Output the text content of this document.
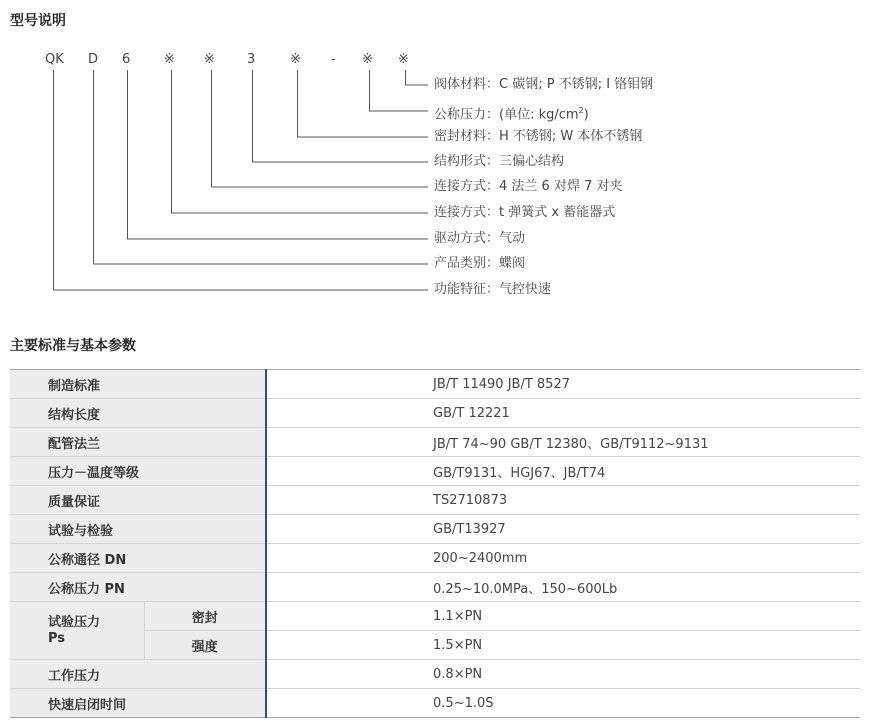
型号说明
QK D 6	※ ※ 3	※ - ※ ※
阀体材料：C 碳钢; P 不锈钢; I 铬钼钢
公称压力：(单位: $kg/cm^2$)
密封材料：H 不锈钢; W 本体不锈钢
结构形式：三偏心结构
连接方式：4 法兰 6 对焊 7 对夹
连接方式：t 弹簧式 x 蓄能器式
驱动方式：气动
产品类别：蝶阀
功能特征：气控快速
主要标准与基本参数
制造标准		JB/T 11490 JB/T 8527
结构长度		GB/T 12221
配管法兰		JB/T 74~90 GB/T 12380、GB/T9112~9131
压力－温度等级		GB/T9131、HGJ67、JB/T74
质量保证		TS2710873
试验与检验		GB/T13927
公称通径 DN		200~2400mm
公称压力 PN		0.25~10.0MPa、150~600Lb

试验压力
Ps	密封	1.1×PN
	强度	1.5×PN
工作压力		0.8×PN
快速启闭时间		0.5~1.0S
